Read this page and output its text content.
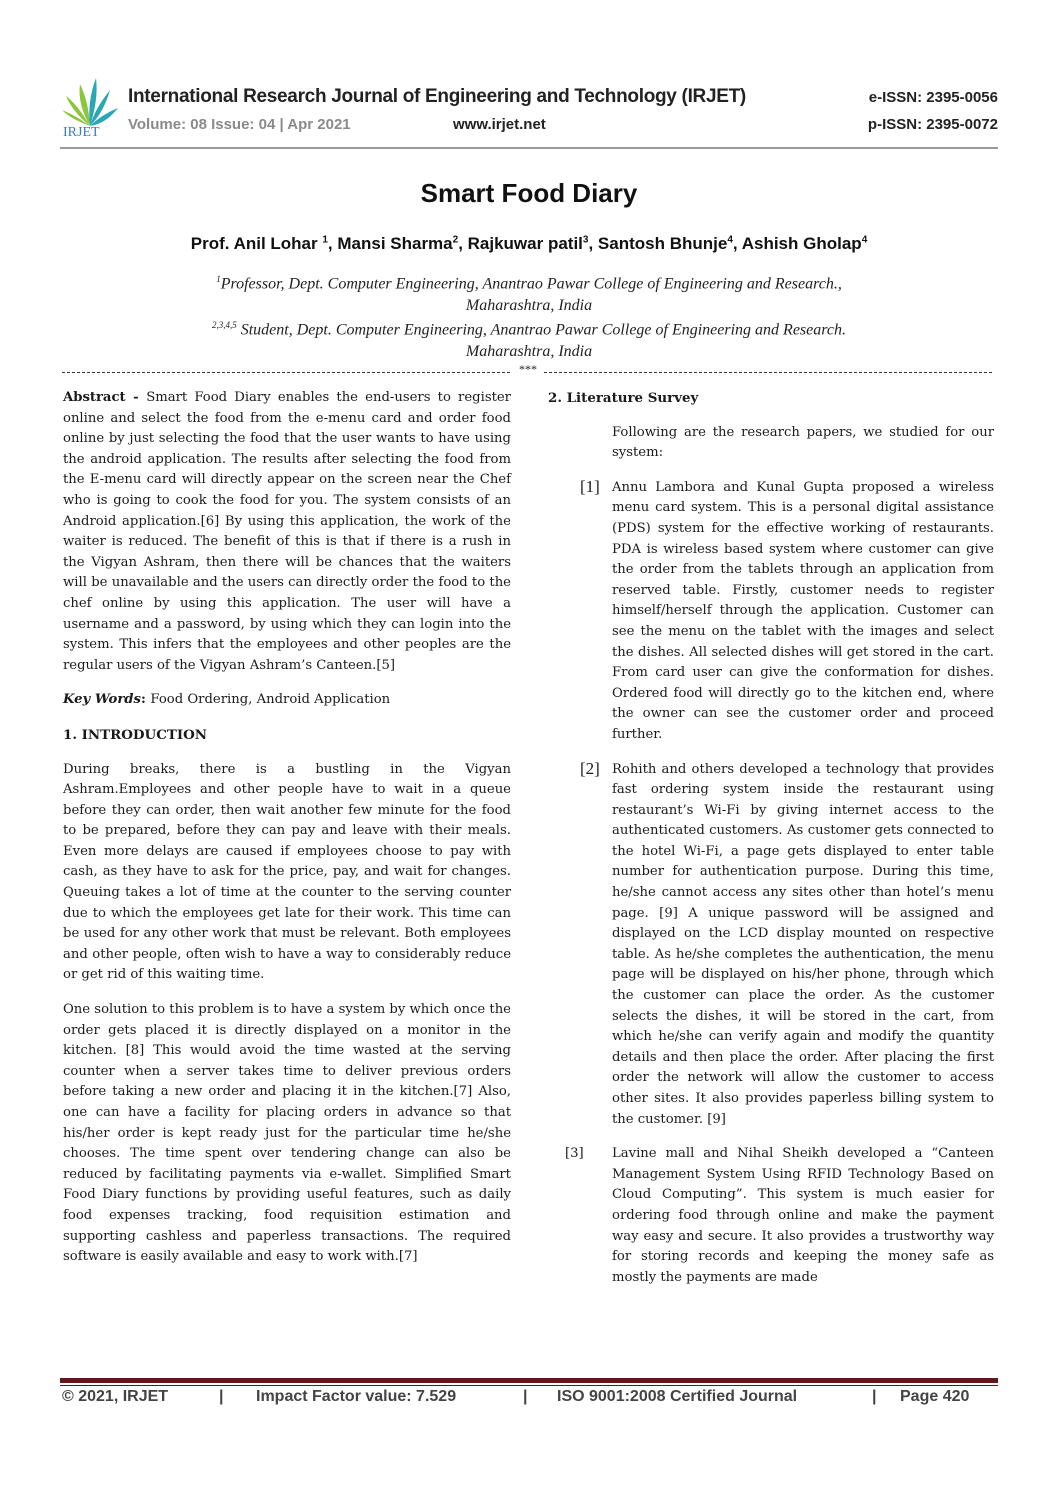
IRJET
International Research Journal of Engineering and Technology (IRJET)
Volume: 08 Issue: 04 | Apr 2021	www.irjet.net
e-ISSN: 2395-0056
p-ISSN: 2395-0072
Smart Food Diary
Prof. Anil Lohar $^1$, Mansi Sharma$^2$, Rajkuwar patil$^3$, Santosh Bhunje$^4$, Ashish Gholap$^4$
$^1$Professor, Dept. Computer Engineering, Anantrao Pawar College of Engineering and Research.,
Maharashtra, India
$^{2,3,4,5}$ Student, Dept. Computer Engineering, Anantrao Pawar College of Engineering and Research.
Maharashtra, India
***

Abstract - Smart Food Diary enables the end-users to register online and select the food from the e-menu card and order food online by just selecting the food that the user wants to have using the android application. The results after selecting the food from the E-menu card will directly appear on the screen near the Chef who is going to cook the food for you. The system consists of an Android application.[6] By using this application, the work of the waiter is reduced. The benefit of this is that if there is a rush in the Vigyan Ashram, then there will be chances that the waiters will be unavailable and the users can directly order the food to the chef online by using this application. The user will have a username and a password, by using which they can login into the system. This infers that the employees and other peoples are the regular users of the Vigyan Ashram’s Canteen.[5]

Key Words: Food Ordering, Android Application

1. INTRODUCTION

During breaks, there is a bustling in the Vigyan Ashram.Employees and other people have to wait in a queue before they can order, then wait another few minute for the food to be prepared, before they can pay and leave with their meals. Even more delays are caused if employees choose to pay with cash, as they have to ask for the price, pay, and wait for changes. Queuing takes a lot of time at the counter to the serving counter due to which the employees get late for their work. This time can be used for any other work that must be relevant. Both employees and other people, often wish to have a way to considerably reduce or get rid of this waiting time.

One solution to this problem is to have a system by which once the order gets placed it is directly displayed on a monitor in the kitchen. [8] This would avoid the time wasted at the serving counter when a server takes time to deliver previous orders before taking a new order and placing it in the kitchen.[7] Also, one can have a facility for placing orders in advance so that his/her order is kept ready just for the particular time he/she chooses. The time spent over tendering change can also be reduced by facilitating payments via e-wallet. Simplified Smart Food Diary functions by providing useful features, such as daily food expenses tracking, food requisition estimation and supporting cashless and paperless transactions. The required software is easily available and easy to work with.[7]

2. Literature Survey

Following are the research papers, we studied for our system:

[1] Annu Lambora and Kunal Gupta proposed a wireless menu card system. This is a personal digital assistance (PDS) system for the effective working of restaurants. PDA is wireless based system where customer can give the order from the tablets through an application from reserved table. Firstly, customer needs to register himself/herself through the application. Customer can see the menu on the tablet with the images and select the dishes. All selected dishes will get stored in the cart. From card user can give the conformation for dishes. Ordered food will directly go to the kitchen end, where the owner can see the customer order and proceed further.
[2] Rohith and others developed a technology that provides fast ordering system inside the restaurant using restaurant’s Wi-Fi by giving internet access to the authenticated customers. As customer gets connected to the hotel Wi-Fi, a page gets displayed to enter table number for authentication purpose. During this time, he/she cannot access any sites other than hotel’s menu page. [9] A unique password will be assigned and displayed on the LCD display mounted on respective table. As he/she completes the authentication, the menu page will be displayed on his/her phone, through which the customer can place the order. As the customer selects the dishes, it will be stored in the cart, from which he/she can verify again and modify the quantity details and then place the order. After placing the first order the network will allow the customer to access other sites. It also provides paperless billing system to the customer. [9]
[3] Lavine mall and Nihal Sheikh developed a “Canteen Management System Using RFID Technology Based on Cloud Computing”. This system is much easier for ordering food through online and make the payment way easy and secure. It also provides a trustworthy way for storing records and keeping the money safe as mostly the payments are made
© 2021, IRJET	| Impact Factor value: 7.529	| ISO 9001:2008 Certified Journal	| Page 420
